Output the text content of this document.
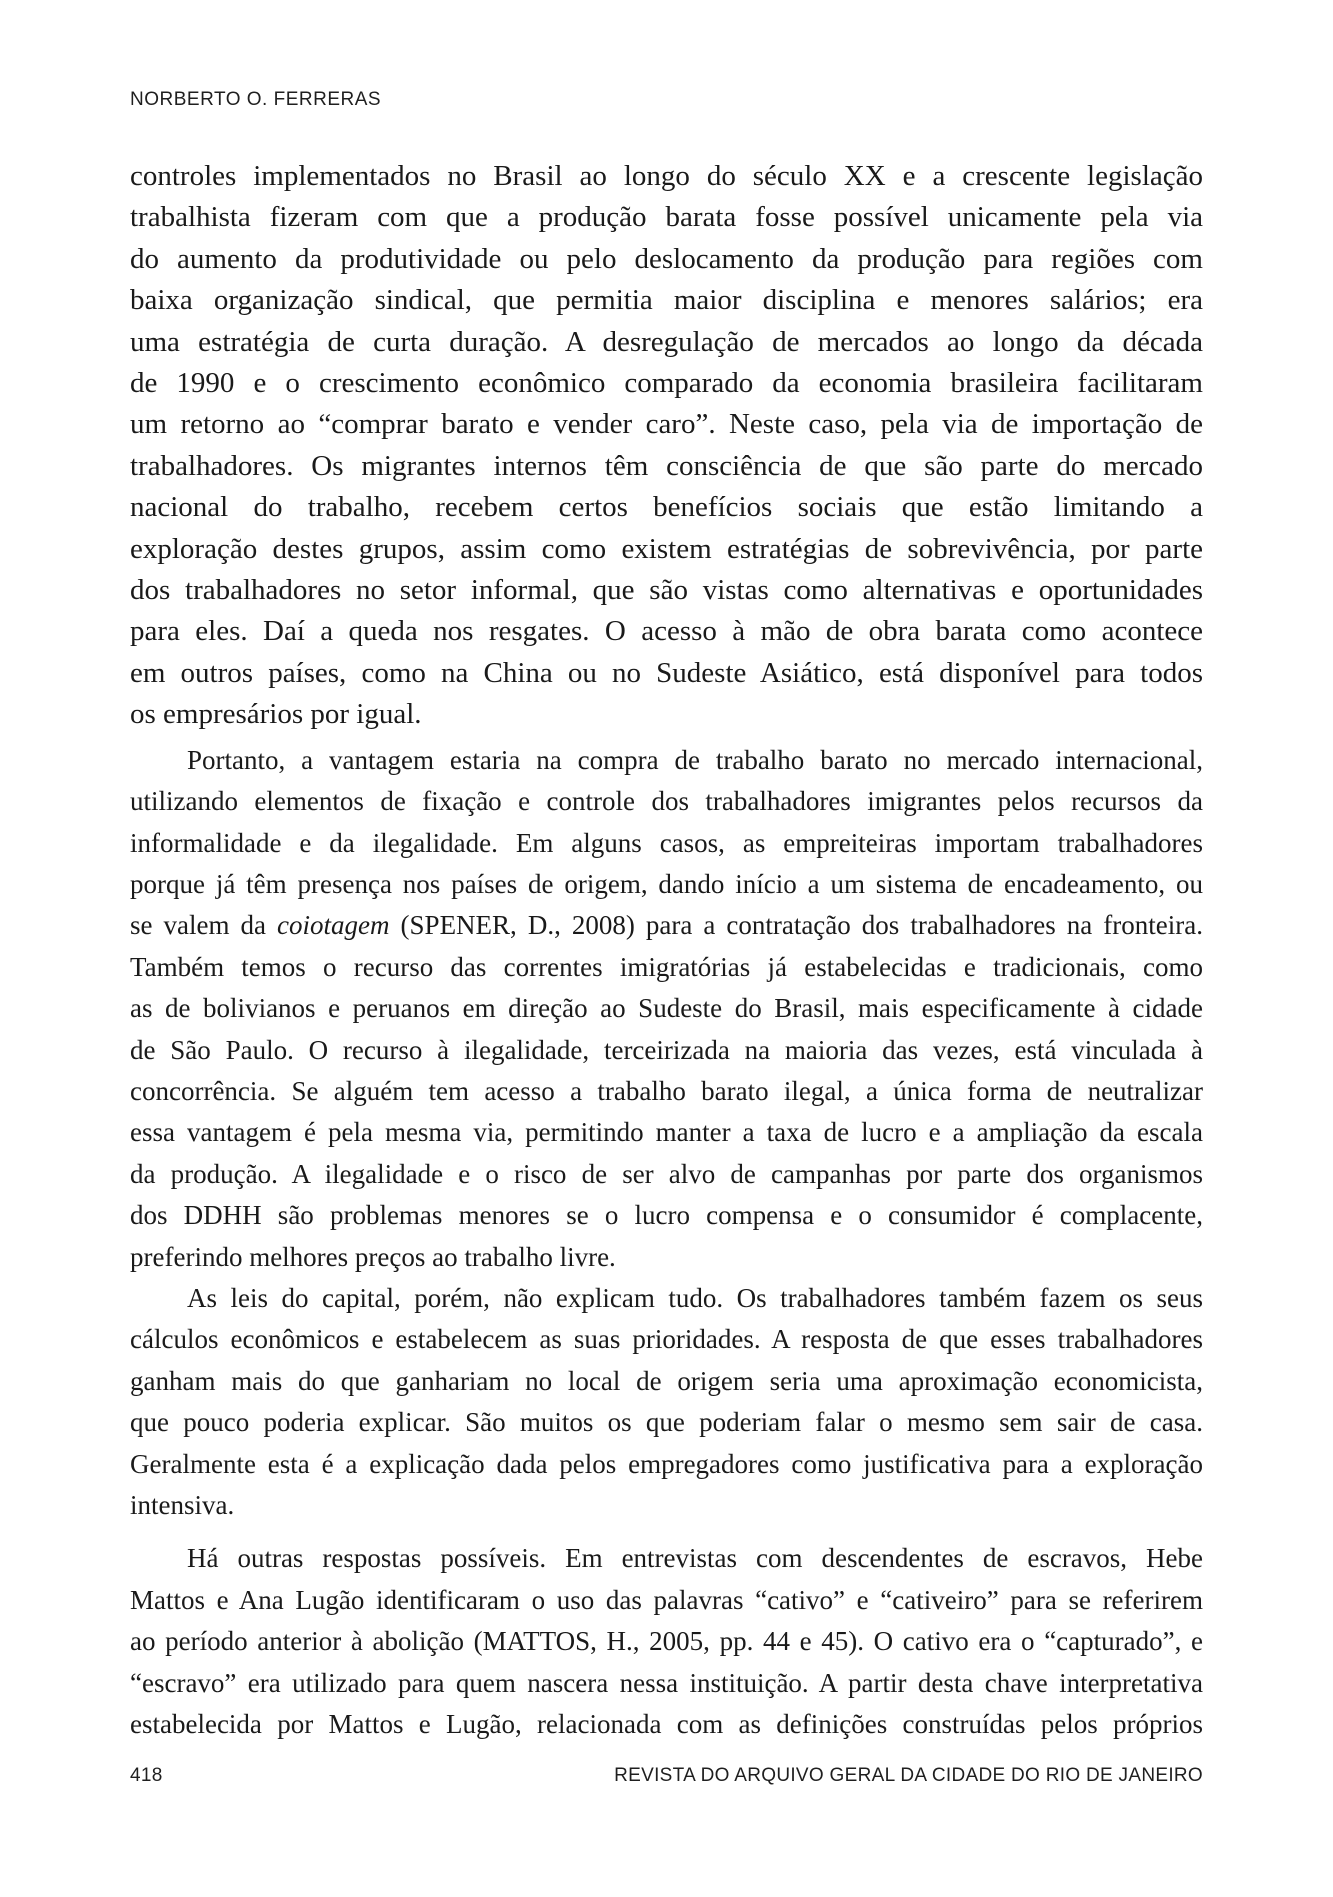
NORBERTO O. FERRERAS

controles implementados no Brasil ao longo do século XX e a crescente legislação
trabalhista fizeram com que a produção barata fosse possível unicamente pela via
do aumento da produtividade ou pelo deslocamento da produção para regiões com
baixa organização sindical, que permitia maior disciplina e menores salários; era
uma estratégia de curta duração. A desregulação de mercados ao longo da década
de 1990 e o crescimento econômico comparado da economia brasileira facilitaram
um retorno ao “comprar barato e vender caro”. Neste caso, pela via de importação de
trabalhadores. Os migrantes internos têm consciência de que são parte do mercado
nacional do trabalho, recebem certos benefícios sociais que estão limitando a
exploração destes grupos, assim como existem estratégias de sobrevivência, por parte
dos trabalhadores no setor informal, que são vistas como alternativas e oportunidades
para eles. Daí a queda nos resgates. O acesso à mão de obra barata como acontece
em outros países, como na China ou no Sudeste Asiático, está disponível para todos
os empresários por igual.

Portanto, a vantagem estaria na compra de trabalho barato no mercado internacional,
utilizando elementos de fixação e controle dos trabalhadores imigrantes pelos recursos da
informalidade e da ilegalidade. Em alguns casos, as empreiteiras importam trabalhadores
porque já têm presença nos países de origem, dando início a um sistema de encadeamento, ou
se valem da coiotagem (SPENER, D., 2008) para a contratação dos trabalhadores na fronteira.
Também temos o recurso das correntes imigratórias já estabelecidas e tradicionais, como
as de bolivianos e peruanos em direção ao Sudeste do Brasil, mais especificamente à cidade
de São Paulo. O recurso à ilegalidade, terceirizada na maioria das vezes, está vinculada à
concorrência. Se alguém tem acesso a trabalho barato ilegal, a única forma de neutralizar
essa vantagem é pela mesma via, permitindo manter a taxa de lucro e a ampliação da escala
da produção. A ilegalidade e o risco de ser alvo de campanhas por parte dos organismos
dos DDHH são problemas menores se o lucro compensa e o consumidor é complacente,
preferindo melhores preços ao trabalho livre.

As leis do capital, porém, não explicam tudo. Os trabalhadores também fazem os seus
cálculos econômicos e estabelecem as suas prioridades. A resposta de que esses trabalhadores
ganham mais do que ganhariam no local de origem seria uma aproximação economicista,
que pouco poderia explicar. São muitos os que poderiam falar o mesmo sem sair de casa.
Geralmente esta é a explicação dada pelos empregadores como justificativa para a exploração
intensiva.

Há outras respostas possíveis. Em entrevistas com descendentes de escravos, Hebe
Mattos e Ana Lugão identificaram o uso das palavras “cativo” e “cativeiro” para se referirem
ao período anterior à abolição (MATTOS, H., 2005, pp. 44 e 45). O cativo era o “capturado”, e
“escravo” era utilizado para quem nascera nessa instituição. A partir desta chave interpretativa
estabelecida por Mattos e Lugão, relacionada com as definições construídas pelos próprios

418	REVISTA DO ARQUIVO GERAL DA CIDADE DO RIO DE JANEIRO
